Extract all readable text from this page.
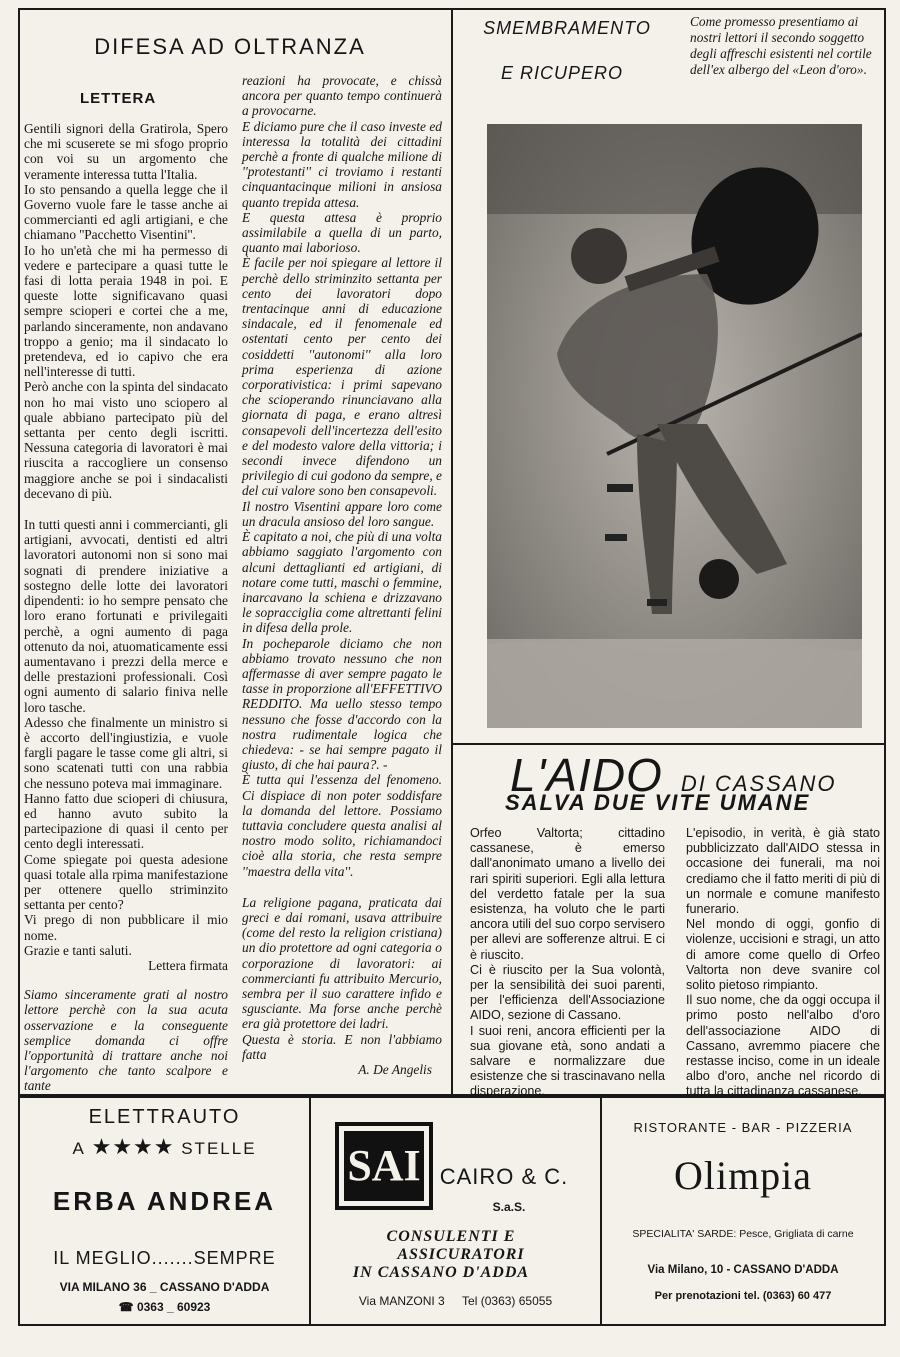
DIFESA AD OLTRANZA
LETTERA

Gentili signori della Gratirola, Spero che mi scuserete se mi sfogo proprio con voi su un argomento che veramente interessa tutta l'Italia.

Io sto pensando a quella legge che il Governo vuole fare le tasse anche ai commercianti ed agli artigiani, e che chiamano ''Pacchetto Visentini''.

Io ho un'età che mi ha permesso di vedere e partecipare a quasi tutte le fasi di lotta peraia 1948 in poi. E queste lotte significavano quasi sempre scioperi e cortei che a me, parlando sinceramente, non andavano troppo a genio; ma il sindacato lo pretendeva, ed io capivo che era nell'interesse di tutti.

Però anche con la spinta del sindacato non ho mai visto uno sciopero al quale abbiano partecipato più del settanta per cento degli iscritti. Nessuna categoria di lavoratori è mai riuscita a raccogliere un consenso maggiore anche se poi i sindacalisti decevano di più.

In tutti questi anni i commercianti, gli artigiani, avvocati, dentisti ed altri lavoratori autonomi non si sono mai sognati di prendere iniziative a sostegno delle lotte dei lavoratori dipendenti: io ho sempre pensato che loro erano fortunati e privilegaiti perchè, a ogni aumento di paga ottenuto da noi, atuomaticamente essi aumentavano i prezzi della merce e delle prestazioni professionali. Così ogni aumento di salario finiva nelle loro tasche.

Adesso che finalmente un ministro si è accorto dell'ingiustizia, e vuole fargli pagare le tasse come gli altri, si sono scatenati tutti con una rabbia che nessuno poteva mai immaginare.

Hanno fatto due scioperi di chiusura, ed hanno avuto subito la partecipazione di quasi il cento per cento degli interessati.

Come spiegate poi questa adesione quasi totale alla rpima manifestazione per ottenere quello striminzito settanta per cento?

Vi prego di non pubblicare il mio nome.

Grazie e tanti saluti.

Lettera firmata

Siamo sinceramente grati al nostro lettore perchè con la sua acuta osservazione e la conseguente semplice domanda ci offre l'opportunità di trattare anche noi l'argomento che tanto scalpore e tante

reazioni ha provocate, e chissà ancora per quanto tempo continuerà a provocarne.

E diciamo pure che il caso investe ed interessa la totalità dei cittadini perchè a fronte di qualche milione di ''protestanti'' ci troviamo i restanti cinquantacinque milioni in ansiosa quanto trepida attesa.

E questa attesa è proprio assimilabile a quella di un parto, quanto mai laborioso.

È facile per noi spiegare al lettore il perchè dello striminzito settanta per cento dei lavoratori dopo trentacinque anni di educazione sindacale, ed il fenomenale ed ostentati cento per cento dei cosiddetti ''autonomi'' alla loro prima esperienza di azione corporativistica: i primi sapevano che scioperando rinunciavano alla giornata di paga, e erano altresì consapevoli dell'incertezza dell'esito e del modesto valore della vittoria; i secondi invece difendono un privilegio di cui godono da sempre, e del cui valore sono ben consapevoli.

Il nostro Visentini appare loro come un dracula ansioso del loro sangue.

È capitato a noi, che più di una volta abbiamo saggiato l'argomento con alcuni dettaglianti ed artigiani, di notare come tutti, maschi o femmine, inarcavano la schiena e drizzavano le sopracciglia come altrettanti felini in difesa della prole.

In pocheparole diciamo che non abbiamo trovato nessuno che non affermasse di aver sempre pagato le tasse in proporzione all'EFFETTIVO REDDITO. Ma uello stesso tempo nessuno che fosse d'accordo con la nostra rudimentale logica che chiedeva: - se hai sempre pagato il giusto, di che hai paura?. -

È tutta qui l'essenza del fenomeno. Ci dispiace di non poter soddisfare la domanda del lettore. Possiamo tuttavia concludere questa analisi al nostro modo solito, richiamandoci cioè alla storia, che resta sempre ''maestra della vita''.

La religione pagana, praticata dai greci e dai romani, usava attribuire (come del resto la religion cristiana) un dio protettore ad ogni categoria o corporazione di lavoratori: ai commercianti fu attribuito Mercurio, sembra per il suo carattere infido e sgusciante. Ma forse anche perchè era già protettore dei ladri.

Questa è storia. E non l'abbiamo fatta

A. De Angelis

SMEMBRAMENTO
E RICUPERO
Come promesso presentiamo ai nostri lettori il secondo soggetto degli affreschi esistenti nel cortile dell'ex albergo del «Leon d'oro».
L'AIDO DI CASSANO
SALVA DUE VITE UMANE
Orfeo Valtorta; cittadino cassanese, è emerso dall'anonimato umano a livello dei rari spiriti superiori. Egli alla lettura del verdetto fatale per la sua esistenza, ha voluto che le parti ancora utili del suo corpo servisero per allevi are sofferenze altrui. E ci è riuscito.
Ci è riuscito per la Sua volontà, per la sensibilità dei suoi parenti, per l'efficienza dell'Associazione AIDO, sezione di Cassano.
I suoi reni, ancora efficienti per la sua giovane età, sono andati a salvare e normalizzare due esistenze che si trascinavano nella disperazione.
L'episodio, in verità, è già stato pubblicizzato dall'AIDO stessa in occasione dei funerali, ma noi crediamo che il fatto meriti di più di un normale e comune manifesto funerario.
Nel mondo di oggi, gonfio di violenze, uccisioni e stragi, un atto di amore come quello di Orfeo Valtorta non deve svanire col solito pietoso rimpianto.
Il suo nome, che da oggi occupa il primo posto nell'albo d'oro dell'associazione AIDO di Cassano, avremmo piacere che restasse inciso, come in un ideale albo d'oro, anche nel ricordo di tutta la cittadinanza cassanese.
ELETTRAUTO
A ★★★★ STELLE
ERBA ANDREA
IL MEGLIO.......SEMPRE
VIA MILANO 36 _ CASSANO D'ADDA
☎ 0363 _ 60923
SAI CAIRO & C.
S.a.S.
CONSULENTI E
ASSICURATORI
IN CASSANO D'ADDA
Via MANZONI 3 Tel (0363) 65055
RISTORANTE - BAR - PIZZERIA
Olimpia
SPECIALITA' SARDE: Pesce, Grigliata di carne
Via Milano, 10 - CASSANO D'ADDA
Per prenotazioni tel. (0363) 60 477
